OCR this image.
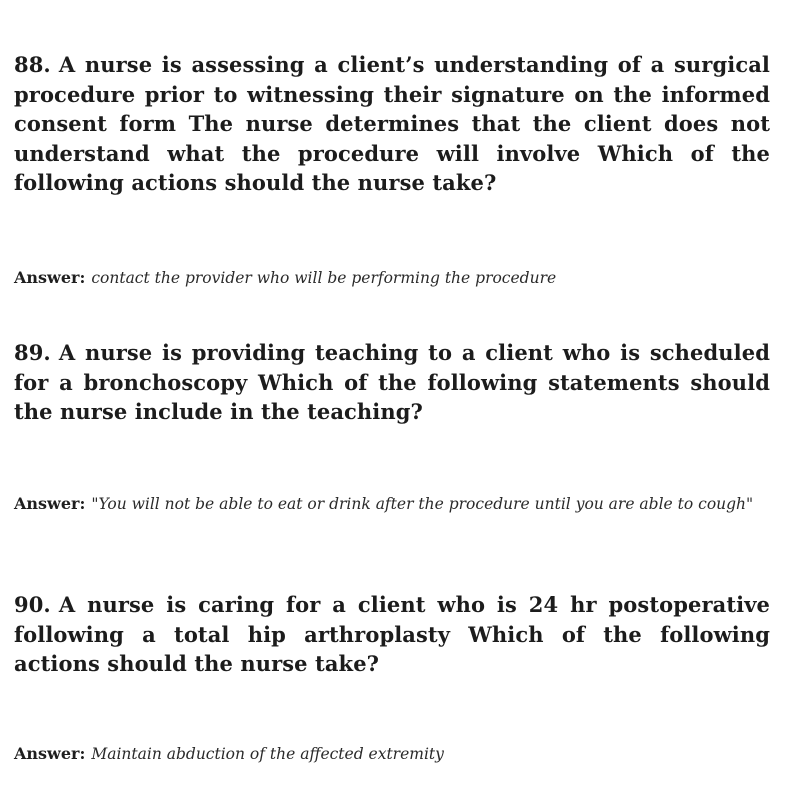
88. A nurse is assessing a client’s understanding of a surgical procedure prior to witnessing their signature on the informed consent form The nurse determines that the client does not understand what the procedure will involve Which of the following actions should the nurse take?

Answer: contact the provider who will be performing the procedure

89. A nurse is providing teaching to a client who is scheduled for a bronchoscopy Which of the following statements should the nurse include in the teaching?

Answer: "You will not be able to eat or drink after the procedure until you are able to cough"

90. A nurse is caring for a client who is 24 hr postoperative following a total hip arthroplasty Which of the following actions should the nurse take?

Answer: Maintain abduction of the affected extremity
